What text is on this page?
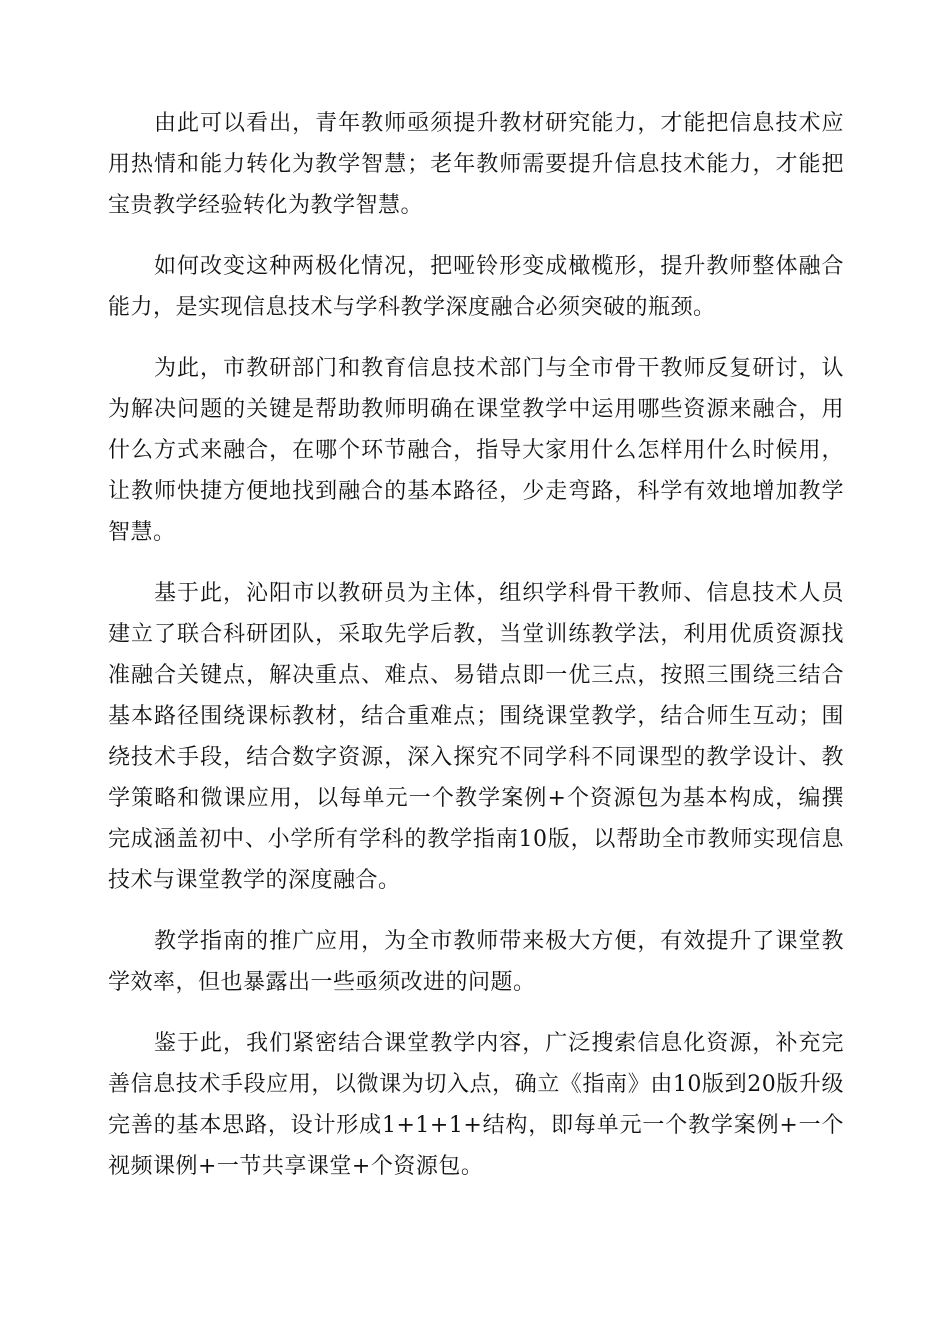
由此可以看出，青年教师亟须提升教材研究能力，才能把信息技术应用热情和能力转化为教学智慧；老年教师需要提升信息技术能力，才能把宝贵教学经验转化为教学智慧。

如何改变这种两极化情况，把哑铃形变成橄榄形，提升教师整体融合能力，是实现信息技术与学科教学深度融合必须突破的瓶颈。

为此，市教研部门和教育信息技术部门与全市骨干教师反复研讨，认为解决问题的关键是帮助教师明确在课堂教学中运用哪些资源来融合，用什么方式来融合，在哪个环节融合，指导大家用什么怎样用什么时候用，让教师快捷方便地找到融合的基本路径，少走弯路，科学有效地增加教学智慧。

基于此，沁阳市以教研员为主体，组织学科骨干教师、信息技术人员建立了联合科研团队，采取先学后教，当堂训练教学法，利用优质资源找准融合关键点，解决重点、难点、易错点即一优三点，按照三围绕三结合基本路径围绕课标教材，结合重难点；围绕课堂教学，结合师生互动；围绕技术手段，结合数字资源，深入探究不同学科不同课型的教学设计、教学策略和微课应用，以每单元一个教学案例+个资源包为基本构成，编撰完成涵盖初中、小学所有学科的教学指南10版，以帮助全市教师实现信息技术与课堂教学的深度融合。

教学指南的推广应用，为全市教师带来极大方便，有效提升了课堂教学效率，但也暴露出一些亟须改进的问题。

鉴于此，我们紧密结合课堂教学内容，广泛搜索信息化资源，补充完善信息技术手段应用，以微课为切入点，确立《指南》由10版到20版升级完善的基本思路，设计形成1+1+1+结构，即每单元一个教学案例+一个视频课例+一节共享课堂+个资源包。
